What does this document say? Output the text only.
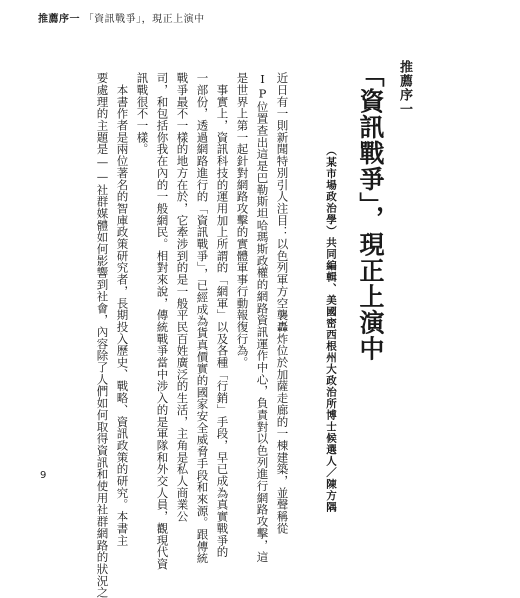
推薦序一 「資訊戰爭」，現正上演中
推薦序一
「資訊戰爭」，現正上演中
（某市場政治學）共同編輯、美國密西根州大政治所博士候選人／陳方隅
近日有一則新聞特別引人注目：以色列軍方空襲轟炸位於加薩走廊的一棟建築，並聲稱從
IP位置查出這是巴勒斯坦哈瑪斯政權的網路資訊運作中心，負責對以色列進行網路攻擊，這
是世界上第一起針對網路攻擊的實體軍事行動報復行為。
　事實上，資訊科技的運用加上所謂的「網軍」以及各種「行銷」手段，早已成為真實戰爭的
一部份，透過網路進行的「資訊戰爭」，已經成為貨真價實的國家安全威脅手段和來源。跟傳統
戰爭最不一樣的地方在於，它牽涉到的是一般平民百姓廣泛的生活，主角是私人商業公
司，和包括你我在內的一般網民。相對來說，傳統戰爭當中涉入的是軍隊和外交人員，觀現代資
訊戰很不一樣。
　本書作者是兩位著名的智庫政策研究者，長期投入歷史、戰略、資訊政策的研究。本書主
要處理的主題是——社群媒體如何影響到社會，內容除了人們如何取得資訊和使用社群網路的狀況之
9
